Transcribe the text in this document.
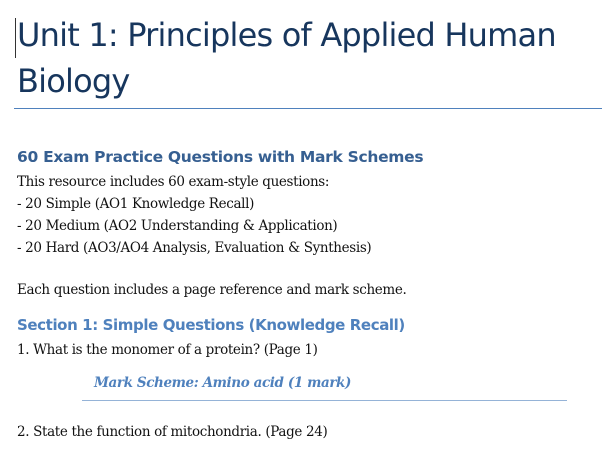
Unit 1: Principles of Applied Human Biology
60 Exam Practice Questions with Mark Schemes

This resource includes 60 exam-style questions:

- 20 Simple (AO1 Knowledge Recall)

- 20 Medium (AO2 Understanding & Application)

- 20 Hard (AO3/AO4 Analysis, Evaluation & Synthesis)

Each question includes a page reference and mark scheme.

Section 1: Simple Questions (Knowledge Recall)

1. What is the monomer of a protein? (Page 1)

Mark Scheme: Amino acid (1 mark)

2. State the function of mitochondria. (Page 24)
